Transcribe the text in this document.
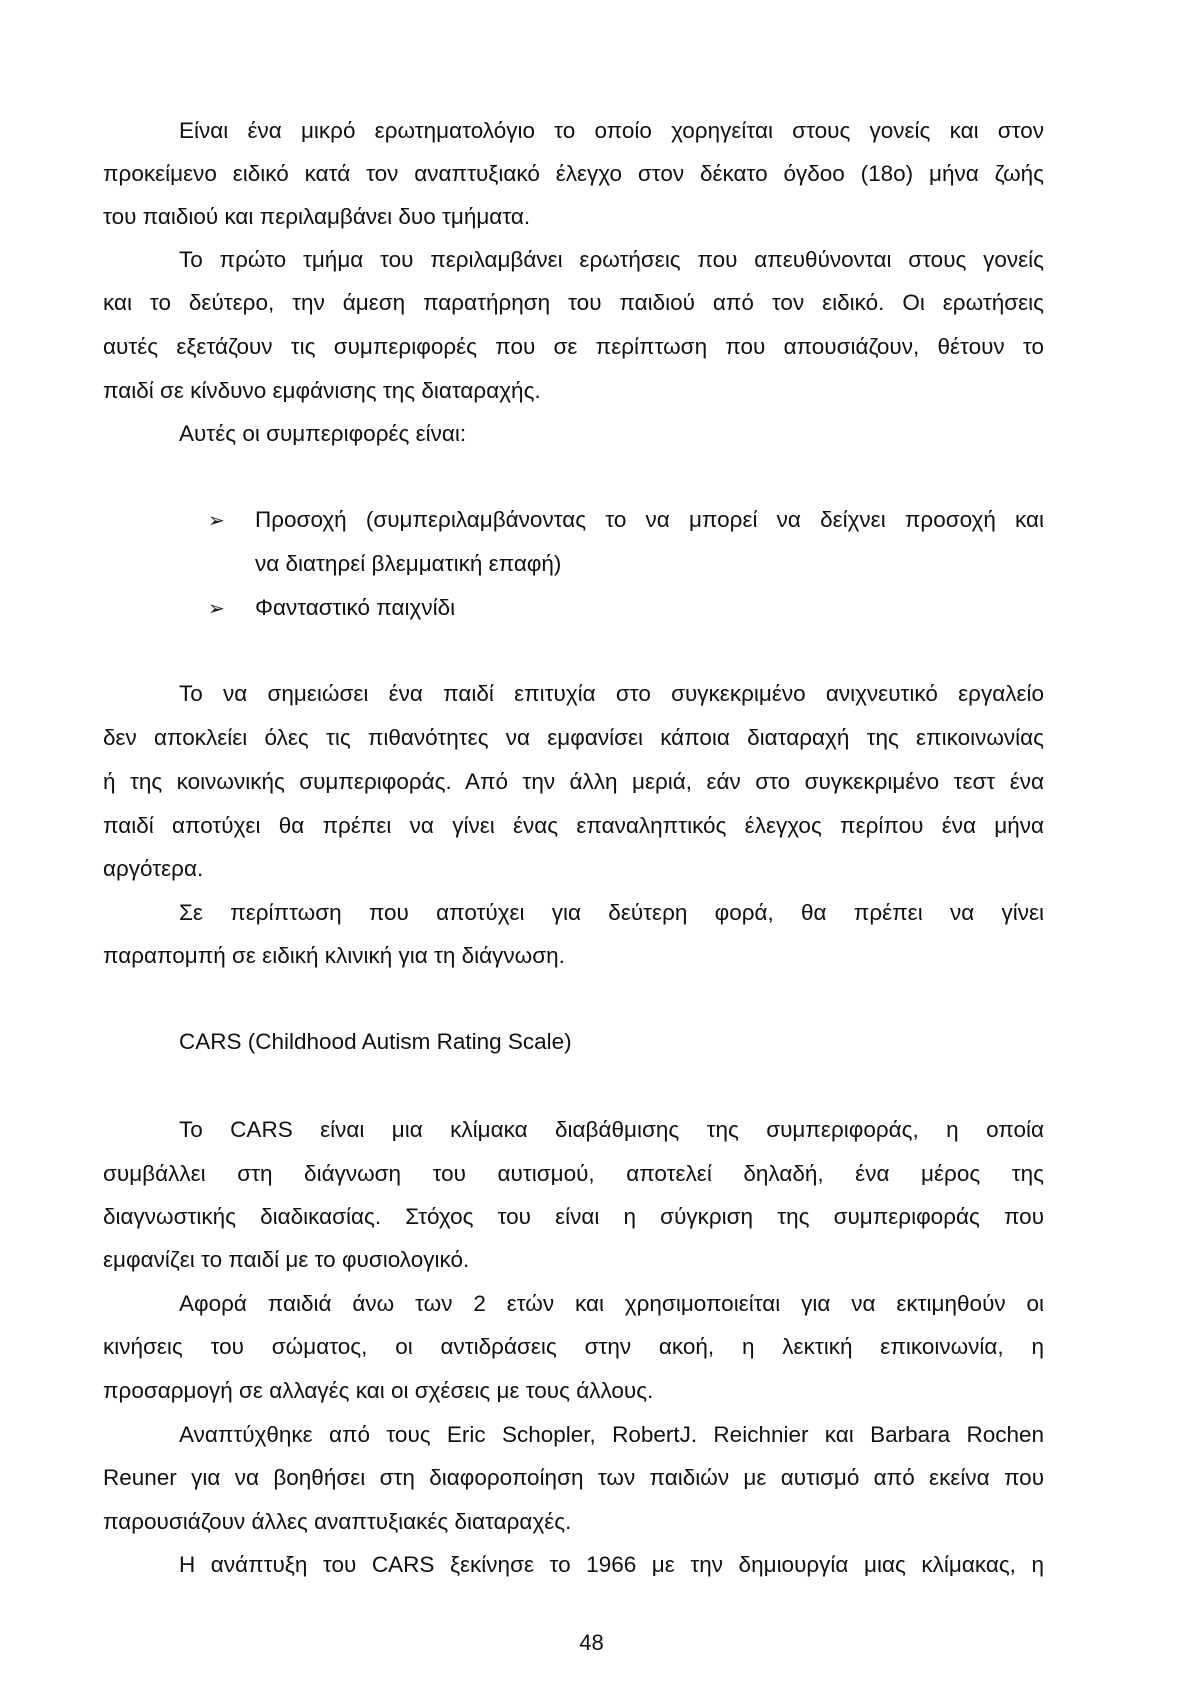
Είναι ένα μικρό ερωτηματολόγιο το οποίο χορηγείται στους γονείς και στον
προκείμενο ειδικό κατά τον αναπτυξιακό έλεγχο στον δέκατο όγδοο (18ο) μήνα ζωής
του παιδιού και περιλαμβάνει δυο τμήματα.
Το πρώτο τμήμα του περιλαμβάνει ερωτήσεις που απευθύνονται στους γονείς
και το δεύτερο, την άμεση παρατήρηση του παιδιού από τον ειδικό. Οι ερωτήσεις
αυτές εξετάζουν τις συμπεριφορές που σε περίπτωση που απουσιάζουν, θέτουν το
παιδί σε κίνδυνο εμφάνισης της διαταραχής.
Αυτές οι συμπεριφορές είναι:
➢ Προσοχή (συμπεριλαμβάνοντας το να μπορεί να δείχνει προσοχή και
να διατηρεί βλεμματική επαφή)
➢ Φανταστικό παιχνίδι
Το να σημειώσει ένα παιδί επιτυχία στο συγκεκριμένο ανιχνευτικό εργαλείο
δεν αποκλείει όλες τις πιθανότητες να εμφανίσει κάποια διαταραχή της επικοινωνίας
ή της κοινωνικής συμπεριφοράς. Από την άλλη μεριά, εάν στο συγκεκριμένο τεστ ένα
παιδί αποτύχει θα πρέπει να γίνει ένας επαναληπτικός έλεγχος περίπου ένα μήνα
αργότερα.
Σε περίπτωση που αποτύχει για δεύτερη φορά, θα πρέπει να γίνει
παραπομπή σε ειδική κλινική για τη διάγνωση.
CARS (Childhood Autism Rating Scale)
Το CARS είναι μια κλίμακα διαβάθμισης της συμπεριφοράς, η οποία
συμβάλλει στη διάγνωση του αυτισμού, αποτελεί δηλαδή, ένα μέρος της
διαγνωστικής διαδικασίας. Στόχος του είναι η σύγκριση της συμπεριφοράς που
εμφανίζει το παιδί με το φυσιολογικό.
Αφορά παιδιά άνω των 2 ετών και χρησιμοποιείται για να εκτιμηθούν οι
κινήσεις του σώματος, οι αντιδράσεις στην ακοή, η λεκτική επικοινωνία, η
προσαρμογή σε αλλαγές και οι σχέσεις με τους άλλους.
Αναπτύχθηκε από τους Eric Schopler, RobertJ. Reichnier και Barbara Rochen
Reuner για να βοηθήσει στη διαφοροποίηση των παιδιών με αυτισμό από εκείνα που
παρουσιάζουν άλλες αναπτυξιακές διαταραχές.
Η ανάπτυξη του CARS ξεκίνησε το 1966 με την δημιουργία μιας κλίμακας, η
48
